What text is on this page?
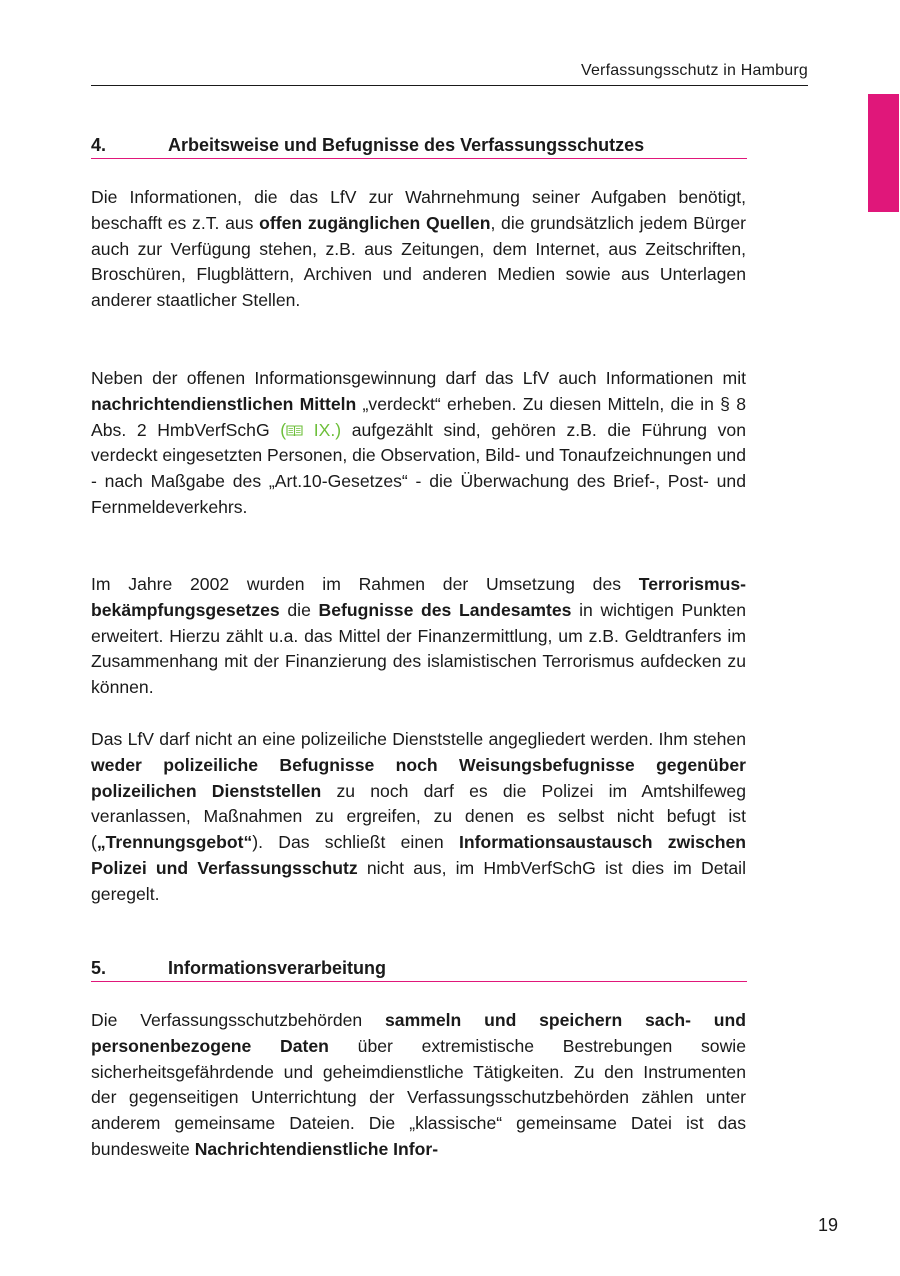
Verfassungsschutz in Hamburg
4.	Arbeitsweise und Befugnisse des Verfassungsschutzes

Die Informationen, die das LfV zur Wahrnehmung seiner Aufgaben benötigt, beschafft es z.T. aus offen zugänglichen Quellen, die grundsätzlich jedem Bürger auch zur Verfügung stehen, z.B. aus Zeitungen, dem Internet, aus Zeitschriften, Broschüren, Flugblättern, Archiven und anderen Medien sowie aus Unterlagen anderer staatlicher Stellen.

Neben der offenen Informationsgewinnung darf das LfV auch Informationen mit nachrichtendienstlichen Mitteln „verdeckt“ erheben. Zu diesen Mitteln, die in § 8 Abs. 2 HmbVerfSchG ( IX.) aufgezählt sind, gehören z.B. die Führung von verdeckt eingesetzten Personen, die Observation, Bild- und Tonaufzeichnungen und - nach Maßgabe des „Art.10-Gesetzes“ - die Überwachung des Brief-, Post- und Fernmeldeverkehrs.

Im Jahre 2002 wurden im Rahmen der Umsetzung des Terrorismusbekämpfungsgesetzes die Befugnisse des Landesamtes in wichtigen Punkten erweitert. Hierzu zählt u.a. das Mittel der Finanzermittlung, um z.B. Geldtranfers im Zusammenhang mit der Finanzierung des islamistischen Terrorismus aufdecken zu können.

Das LfV darf nicht an eine polizeiliche Dienststelle angegliedert werden. Ihm stehen weder polizeiliche Befugnisse noch Weisungsbefugnisse gegenüber polizeilichen Dienststellen zu noch darf es die Polizei im Amtshilfeweg veranlassen, Maßnahmen zu ergreifen, zu denen es selbst nicht befugt ist („Trennungsgebot“). Das schließt einen Informationsaustausch zwischen Polizei und Verfassungsschutz nicht aus, im HmbVerfSchG ist dies im Detail geregelt.

5.	Informationsverarbeitung

Die Verfassungsschutzbehörden sammeln und speichern sach- und personenbezogene Daten über extremistische Bestrebungen sowie sicherheitsgefährdende und geheimdienstliche Tätigkeiten. Zu den Instrumenten der gegenseitigen Unterrichtung der Verfassungsschutzbehörden zählen unter anderem gemeinsame Dateien. Die „klassische“ gemeinsame Datei ist das bundesweite Nachrichtendienstliche Infor-

19
